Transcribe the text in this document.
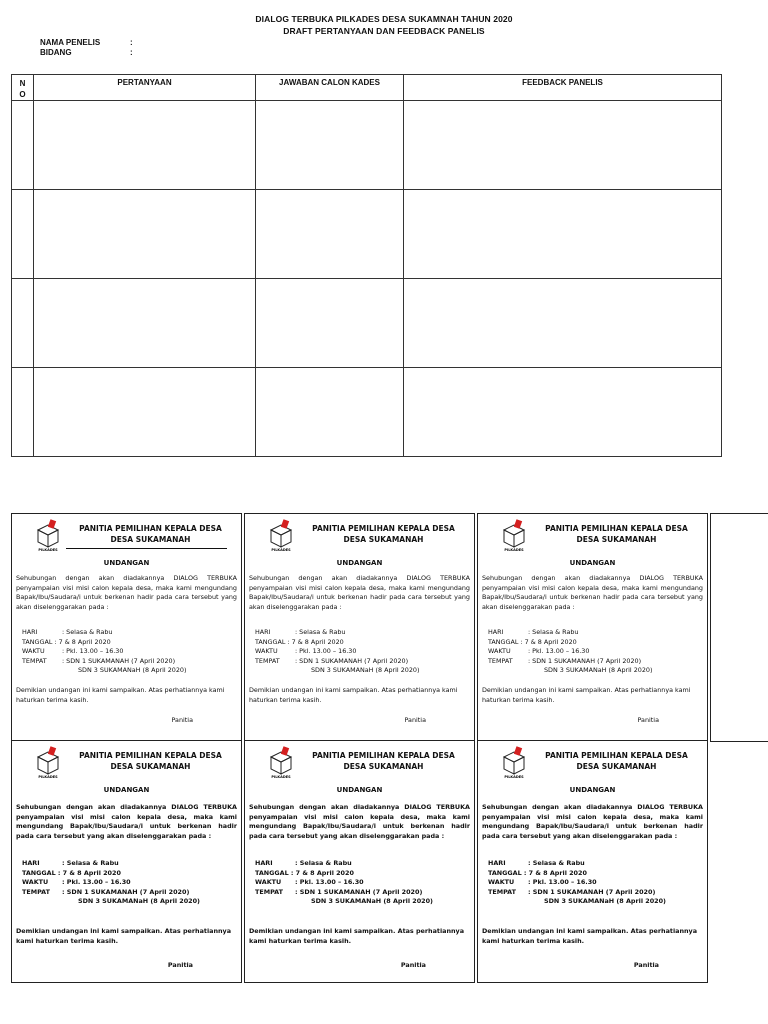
DIALOG TERBUKA PILKADES DESA SUKAMNAH TAHUN 2020
DRAFT PERTANYAAN DAN FEEDBACK PANELIS
NAMA PENELIS	:
BIDANG	:
N
O	PERTANYAAN	JAWABAN CALON KADES	FEEDBACK PANELIS

PILKADES
PANITIA PEMILIHAN KEPALA DESA
DESA SUKAMANAH
UNDANGAN
Sehubungan dengan akan diadakannya DIALOG TERBUKA penyampaian visi misi calon kepala desa, maka kami mengundang Bapak/Ibu/Saudara/i untuk berkenan hadir pada cara tersebut yang akan diselenggarakan pada :
HARI	: Selasa & Rabu
TANGGAL : 7 & 8 April 2020
WAKTU	: Pkl. 13.00 – 16.30
TEMPAT : SDN 1 SUKAMANAH (7 April 2020)
SDN 3 SUKAMANaH (8 April 2020)
Demikian undangan ini kami sampaikan. Atas perhatiannya kami haturkan terima kasih.
Panitia
PILKADES
PANITIA PEMILIHAN KEPALA DESA
DESA SUKAMANAH
UNDANGAN
Sehubungan dengan akan diadakannya DIALOG TERBUKA penyampaian visi misi calon kepala desa, maka kami mengundang Bapak/Ibu/Saudara/i untuk berkenan hadir pada cara tersebut yang akan diselenggarakan pada :
HARI	: Selasa & Rabu
TANGGAL : 7 & 8 April 2020
WAKTU	: Pkl. 13.00 – 16.30
TEMPAT : SDN 1 SUKAMANAH (7 April 2020)
SDN 3 SUKAMANaH (8 April 2020)
Demikian undangan ini kami sampaikan. Atas perhatiannya kami haturkan terima kasih.
Panitia
PILKADES
PANITIA PEMILIHAN KEPALA DESA
DESA SUKAMANAH
UNDANGAN
Sehubungan dengan akan diadakannya DIALOG TERBUKA penyampaian visi misi calon kepala desa, maka kami mengundang Bapak/Ibu/Saudara/i untuk berkenan hadir pada cara tersebut yang akan diselenggarakan pada :
HARI	: Selasa & Rabu
TANGGAL : 7 & 8 April 2020
WAKTU	: Pkl. 13.00 – 16.30
TEMPAT : SDN 1 SUKAMANAH (7 April 2020)
SDN 3 SUKAMANaH (8 April 2020)
Demikian undangan ini kami sampaikan. Atas perhatiannya kami haturkan terima kasih.
Panitia
PILKADES
PANITIA PEMILIHAN KEPALA DESA
DESA SUKAMANAH
UNDANGAN
Sehubungan dengan akan diadakannya DIALOG TERBUKA penyampaian visi misi calon kepala desa, maka kami mengundang Bapak/Ibu/Saudara/i untuk berkenan hadir pada cara tersebut yang akan diselenggarakan pada :
HARI	: Selasa & Rabu
TANGGAL : 7 & 8 April 2020
WAKTU : Pkl. 13.00 – 16.30
TEMPAT : SDN 1 SUKAMANAH (7 April 2020)
SDN 3 SUKAMANaH (8 April 2020)
Demikian undangan ini kami sampaikan. Atas perhatiannya kami haturkan terima kasih.
Panitia
PILKADES
PANITIA PEMILIHAN KEPALA DESA
DESA SUKAMANAH
UNDANGAN
Sehubungan dengan akan diadakannya DIALOG TERBUKA penyampaian visi misi calon kepala desa, maka kami mengundang Bapak/Ibu/Saudara/i untuk berkenan hadir pada cara tersebut yang akan diselenggarakan pada :
HARI	: Selasa & Rabu
TANGGAL : 7 & 8 April 2020
WAKTU : Pkl. 13.00 – 16.30
TEMPAT : SDN 1 SUKAMANAH (7 April 2020)
SDN 3 SUKAMANaH (8 April 2020)
Demikian undangan ini kami sampaikan. Atas perhatiannya kami haturkan terima kasih.
Panitia
PILKADES
PANITIA PEMILIHAN KEPALA DESA
DESA SUKAMANAH
UNDANGAN
Sehubungan dengan akan diadakannya DIALOG TERBUKA penyampaian visi misi calon kepala desa, maka kami mengundang Bapak/Ibu/Saudara/i untuk berkenan hadir pada cara tersebut yang akan diselenggarakan pada :
HARI	: Selasa & Rabu
TANGGAL : 7 & 8 April 2020
WAKTU : Pkl. 13.00 – 16.30
TEMPAT : SDN 1 SUKAMANAH (7 April 2020)
SDN 3 SUKAMANaH (8 April 2020)
Demikian undangan ini kami sampaikan. Atas perhatiannya kami haturkan terima kasih.
Panitia
